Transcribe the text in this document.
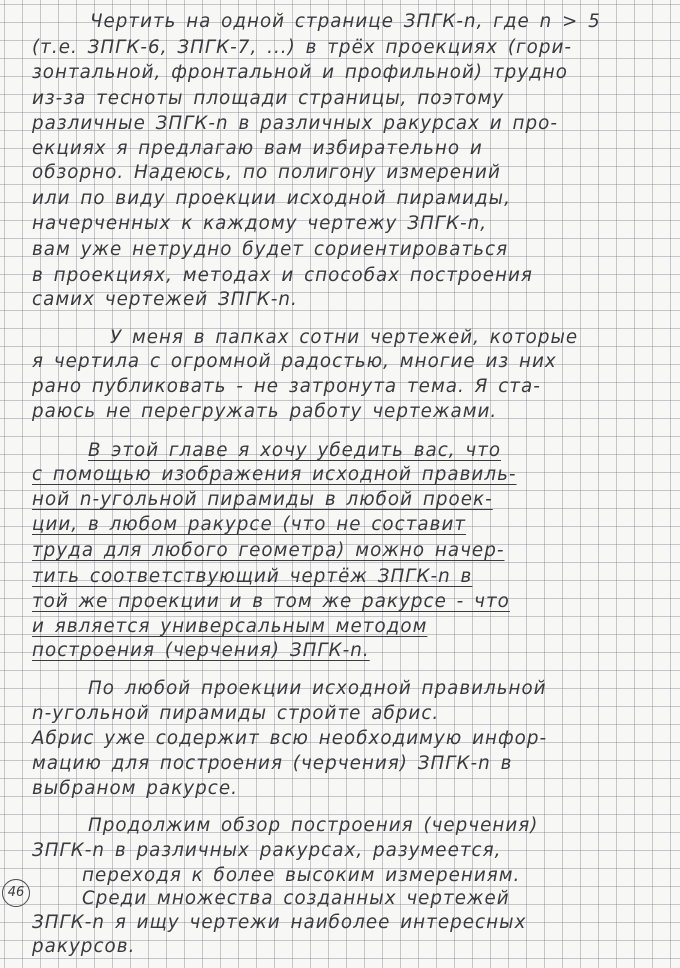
46
Чертить на одной странице ЗПГК-n, где n > 5
(т.е. ЗПГК-6, ЗПГК-7, ...) в трёх проекциях (гори-
зонтальной, фронтальной и профильной) трудно
из-за тесноты площади страницы, поэтому
различные ЗПГК-n в различных ракурсах и про-
екциях я предлагаю вам избирательно и
обзорно. Надеюсь, по полигону измерений
или по виду проекции исходной пирамиды,
начерченных к каждому чертежу ЗПГК-n,
вам уже нетрудно будет сориентироваться
в проекциях, методах и способах построения
самих чертежей ЗПГК-n.
У меня в папках сотни чертежей, которые
я чертила с огромной радостью, многие из них
рано публиковать - не затронута тема. Я ста-
раюсь не перегружать работу чертежами.
В этой главе я хочу убедить вас, что
с помощью изображения исходной правиль-
ной n-угольной пирамиды в любой проек-
ции, в любом ракурсе (что не составит
труда для любого геометра) можно начер-
тить соответствующий чертёж ЗПГК-n в
той же проекции и в том же ракурсе - что
и является универсальным методом
построения (черчения) ЗПГК-n.
По любой проекции исходной правильной
n-угольной пирамиды стройте абрис.
Абрис уже содержит всю необходимую инфор-
мацию для построения (черчения) ЗПГК-n в
выбраном ракурсе.
Продолжим обзор построения (черчения)
ЗПГК-n в различных ракурсах, разумеется,
переходя к более высоким измерениям.
Среди множества созданных чертежей
ЗПГК-n я ищу чертежи наиболее интересных
ракурсов.
